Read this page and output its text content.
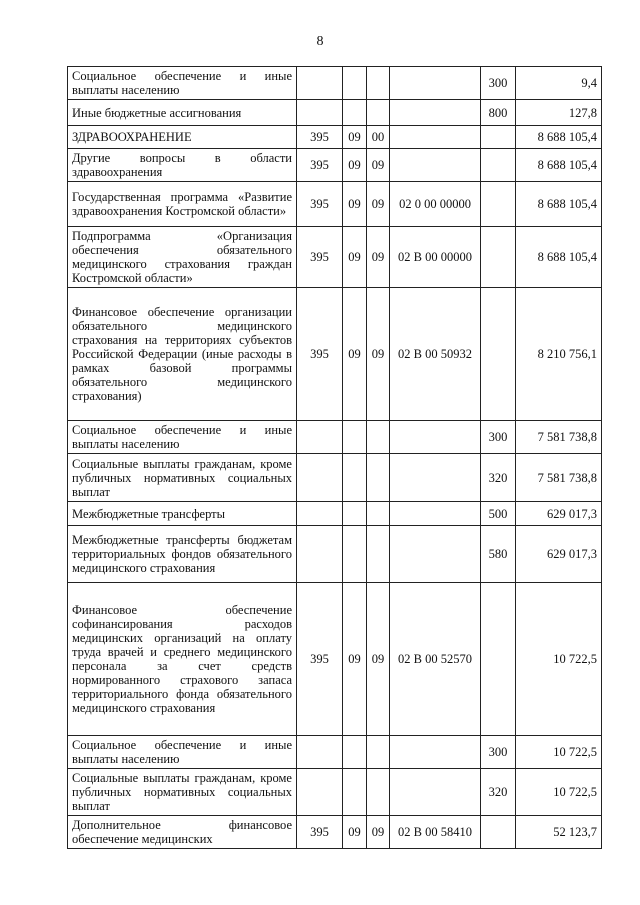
8
Социальное обеспечение и иные выплаты населению					300	9,4
Иные бюджетные ассигнования					800	127,8
ЗДРАВООХРАНЕНИЕ	395	09	00			8 688 105,4
Другие вопросы в области здравоохранения	395	09	09			8 688 105,4
Государственная программа «Развитие здравоохранения Костромской области»	395	09	09	02 0 00 00000		8 688 105,4
Подпрограмма «Организация обеспечения обязательного медицинского страхования граждан Костромской области»	395	09	09	02 В 00 00000		8 688 105,4
Финансовое обеспечение организации обязательного медицинского страхования на территориях субъектов Российской Федерации (иные расходы в рамках базовой программы обязательного медицинского страхования)	395	09	09	02 В 00 50932		8 210 756,1
Социальное обеспечение и иные выплаты населению					300	7 581 738,8
Социальные выплаты гражданам, кроме публичных нормативных социальных выплат					320	7 581 738,8
Межбюджетные трансферты					500	629 017,3
Межбюджетные трансферты бюджетам территориальных фондов обязательного медицинского страхования					580	629 017,3
Финансовое обеспечение софинансирования расходов медицинских организаций на оплату труда врачей и среднего медицинского персонала за счет средств нормированного страхового запаса территориального фонда обязательного медицинского страхования	395	09	09	02 В 00 52570		10 722,5
Социальное обеспечение и иные выплаты населению					300	10 722,5
Социальные выплаты гражданам, кроме публичных нормативных социальных выплат					320	10 722,5
Дополнительное финансовое обеспечение медицинских	395	09	09	02 В 00 58410		52 123,7
